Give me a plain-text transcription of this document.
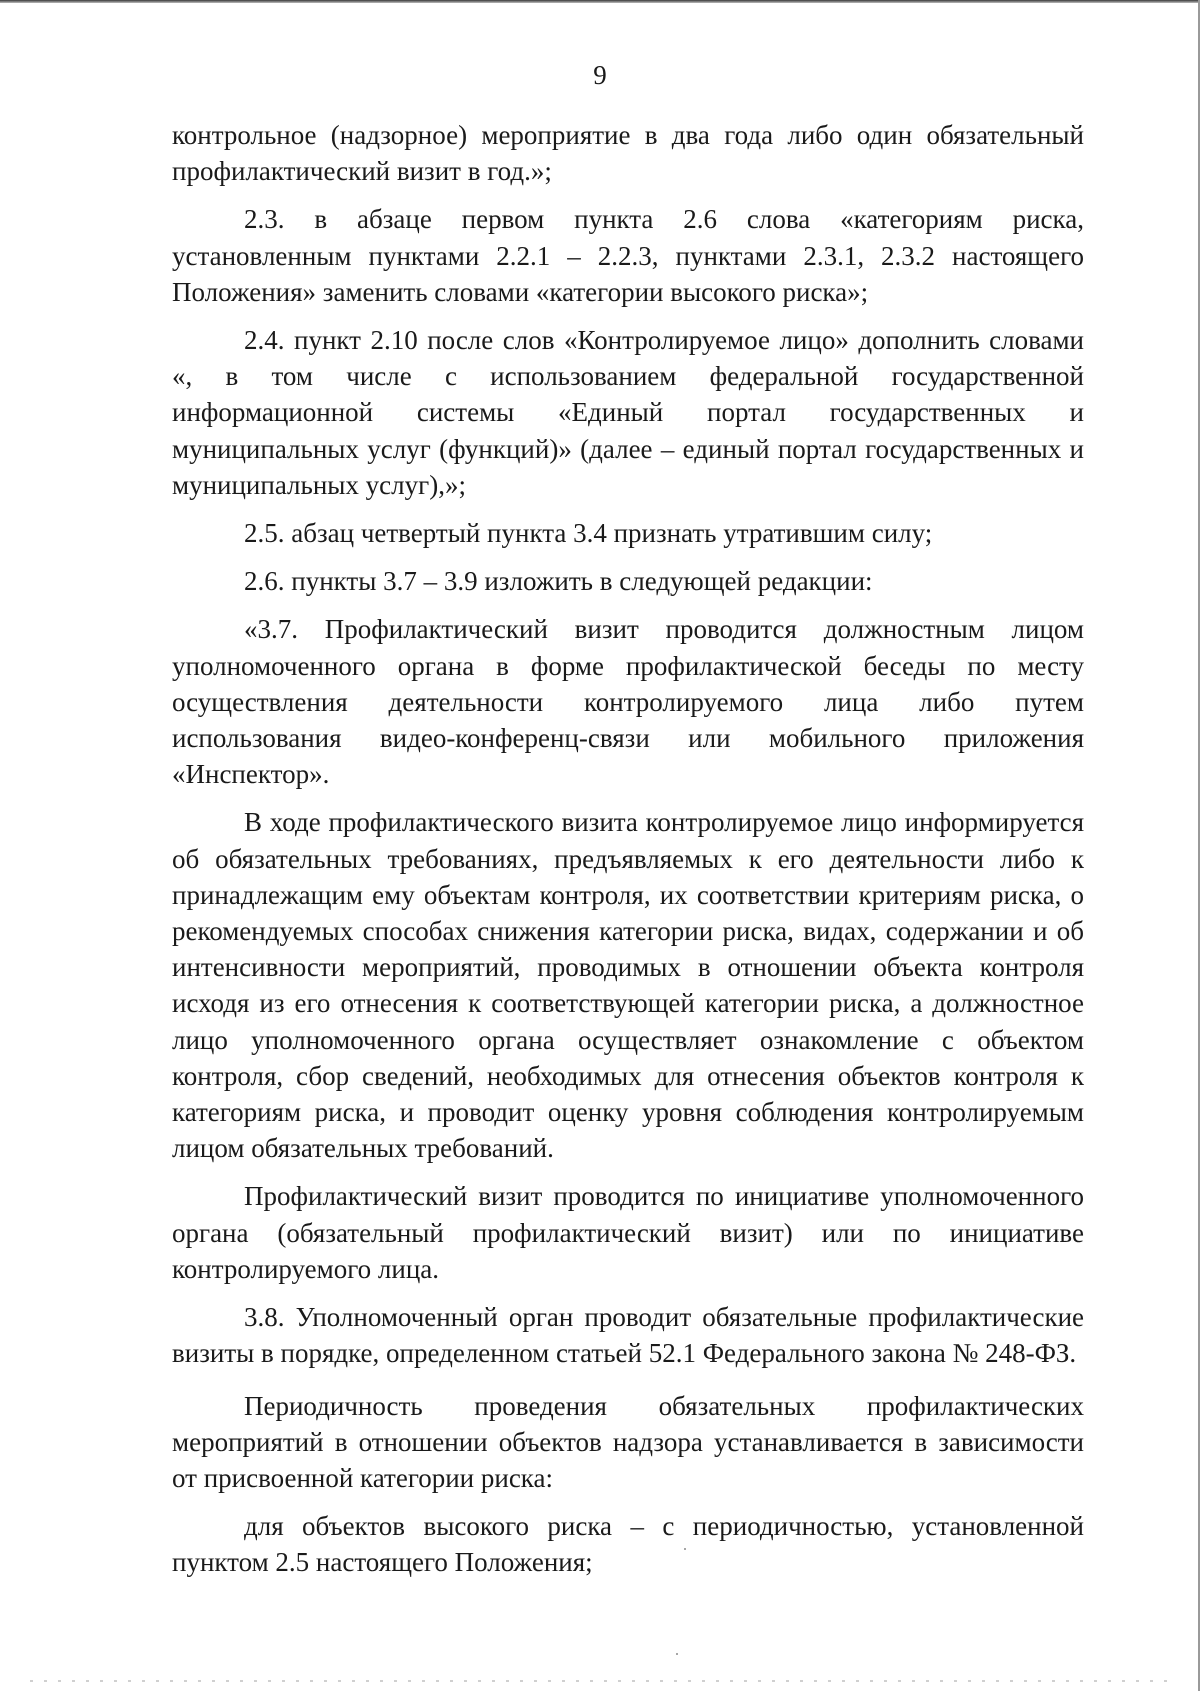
9

контрольное (надзорное) мероприятие в два года либо один обязательный профилактический визит в год.»;

2.3. в абзаце первом пункта 2.6 слова «категориям риска, установленным пунктами 2.2.1 – 2.2.3, пунктами 2.3.1, 2.3.2 настоящего Положения» заменить словами «категории высокого риска»;

2.4. пункт 2.10 после слов «Контролируемое лицо» дополнить словами «, в том числе с использованием федеральной государственной информационной системы «Единый портал государственных и муниципальных услуг (функций)» (далее – единый портал государственных и муниципальных услуг),»;

2.5. абзац четвертый пункта 3.4 признать утратившим силу;

2.6. пункты 3.7 – 3.9 изложить в следующей редакции:

«3.7. Профилактический визит проводится должностным лицом уполномоченного органа в форме профилактической беседы по месту осуществления деятельности контролируемого лица либо путем использования видео-конференц-связи или мобильного приложения «Инспектор».

В ходе профилактического визита контролируемое лицо информируется об обязательных требованиях, предъявляемых к его деятельности либо к принадлежащим ему объектам контроля, их соответствии критериям риска, о рекомендуемых способах снижения категории риска, видах, содержании и об интенсивности мероприятий, проводимых в отношении объекта контроля исходя из его отнесения к соответствующей категории риска, а должностное лицо уполномоченного органа осуществляет ознакомление с объектом контроля, сбор сведений, необходимых для отнесения объектов контроля к категориям риска, и проводит оценку уровня соблюдения контролируемым лицом обязательных требований.

Профилактический визит проводится по инициативе уполномоченного органа (обязательный профилактический визит) или по инициативе контролируемого лица.

3.8. Уполномоченный орган проводит обязательные профилактические визиты в порядке, определенном статьей 52.1 Федерального закона № 248-ФЗ.

Периодичность проведения обязательных профилактических мероприятий в отношении объектов надзора устанавливается в зависимости от присвоенной категории риска:

для объектов высокого риска – с периодичностью, установленной пунктом 2.5 настоящего Положения;
